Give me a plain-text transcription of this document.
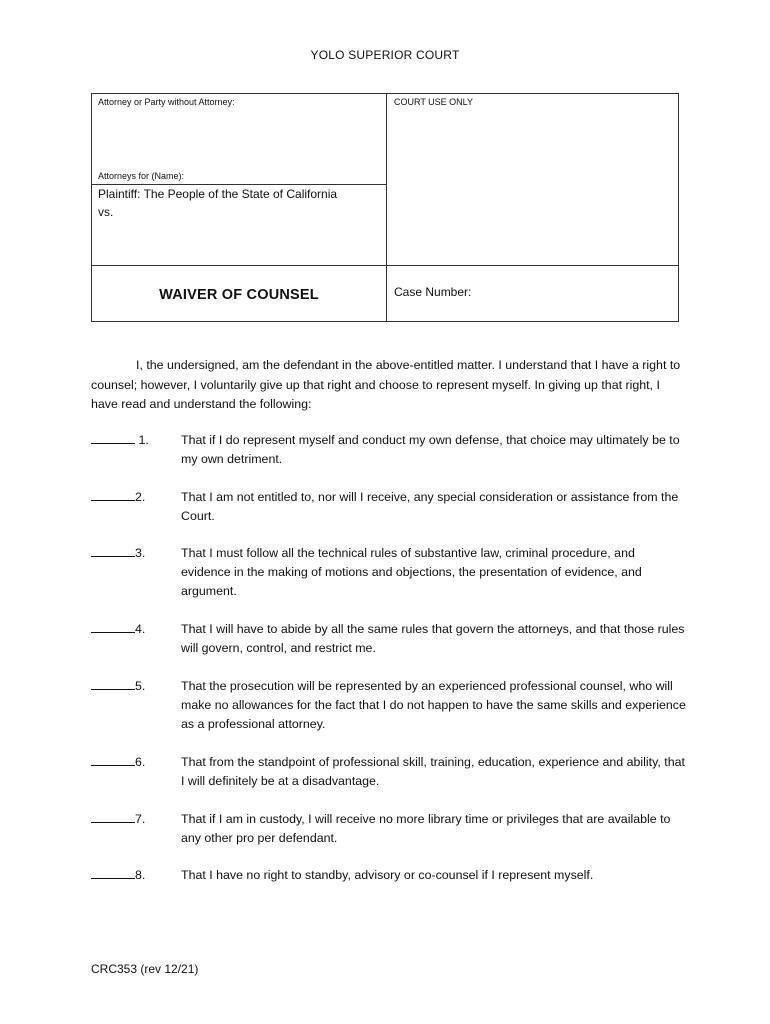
YOLO SUPERIOR COURT
Attorney or Party without Attorney:	COURT USE ONLY
Attorneys for (Name):
Plaintiff: The People of the State of California
vs.
WAIVER OF COUNSEL	Case Number:

I, the undersigned, am the defendant in the above-entitled matter. I understand that I have a right to counsel; however, I voluntarily give up that right and choose to represent myself. In giving up that right, I have read and understand the following:

1.	That if I do represent myself and conduct my own defense, that choice may ultimately be to my own detriment.
2.	That I am not entitled to, nor will I receive, any special consideration or assistance from the Court.
3.	That I must follow all the technical rules of substantive law, criminal procedure, and evidence in the making of motions and objections, the presentation of evidence, and argument.
4.	That I will have to abide by all the same rules that govern the attorneys, and that those rules will govern, control, and restrict me.
5.	That the prosecution will be represented by an experienced professional counsel, who will make no allowances for the fact that I do not happen to have the same skills and experience as a professional attorney.
6.	That from the standpoint of professional skill, training, education, experience and ability, that I will definitely be at a disadvantage.
7.	That if I am in custody, I will receive no more library time or privileges that are available to any other pro per defendant.
8.	That I have no right to standby, advisory or co-counsel if I represent myself.
CRC353 (rev 12/21)
